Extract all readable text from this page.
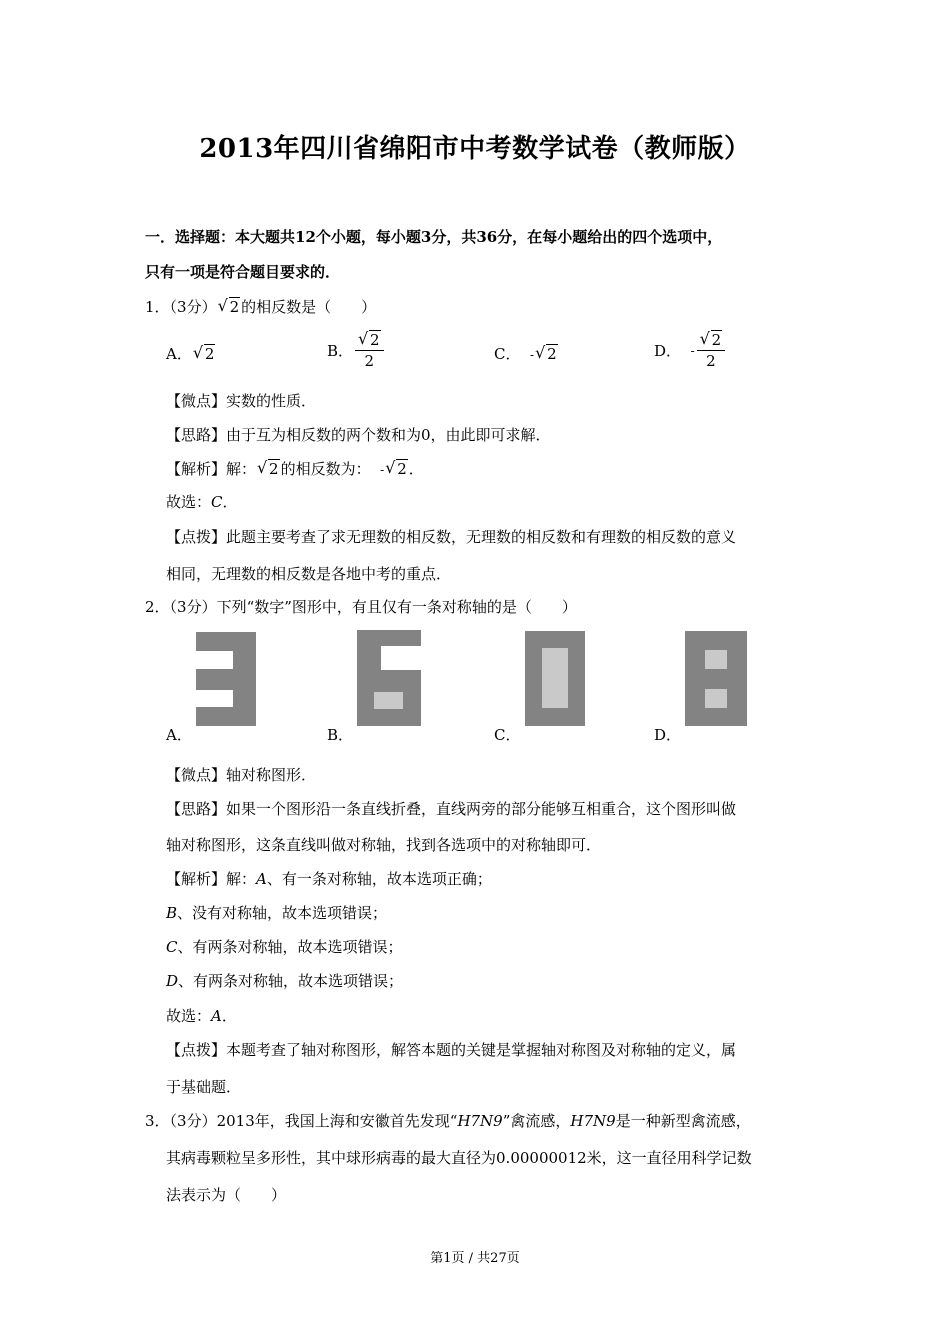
2013年四川省绵阳市中考数学试卷（教师版）
一．选择题：本大题共12个小题，每小题3分，共36分，在每小题给出的四个选项中，
只有一项是符合题目要求的．
1．（3分） √ 2 的相反数是（　　）
A． √ 2	B． $\frac{√ 2}{2}$	C． - √ 2	D． - $\frac{√ 2}{2}$
【微点】实数的性质．
【思路】由于互为相反数的两个数和为0，由此即可求解．
【解析】解： √ 2 的相反数为： - √ 2 ．
故选：C．
【点拨】此题主要考查了求无理数的相反数，无理数的相反数和有理数的相反数的意义
相同，无理数的相反数是各地中考的重点．
2．（3分）下列“数字”图形中，有且仅有一条对称轴的是（　　）
A．	B．	C．	D．
【微点】轴对称图形．
【思路】如果一个图形沿一条直线折叠，直线两旁的部分能够互相重合，这个图形叫做
轴对称图形，这条直线叫做对称轴，找到各选项中的对称轴即可．
【解析】解：A、有一条对称轴，故本选项正确；
B、没有对称轴，故本选项错误；
C、有两条对称轴，故本选项错误；
D、有两条对称轴，故本选项错误；
故选：A．
【点拨】本题考查了轴对称图形，解答本题的关键是掌握轴对称图及对称轴的定义，属
于基础题．
3．（3分）2013年，我国上海和安徽首先发现“H7N9”禽流感，H7N9是一种新型禽流感，
其病毒颗粒呈多形性，其中球形病毒的最大直径为0.00000012米，这一直径用科学记数
法表示为（　　）
第1页 / 共27页
